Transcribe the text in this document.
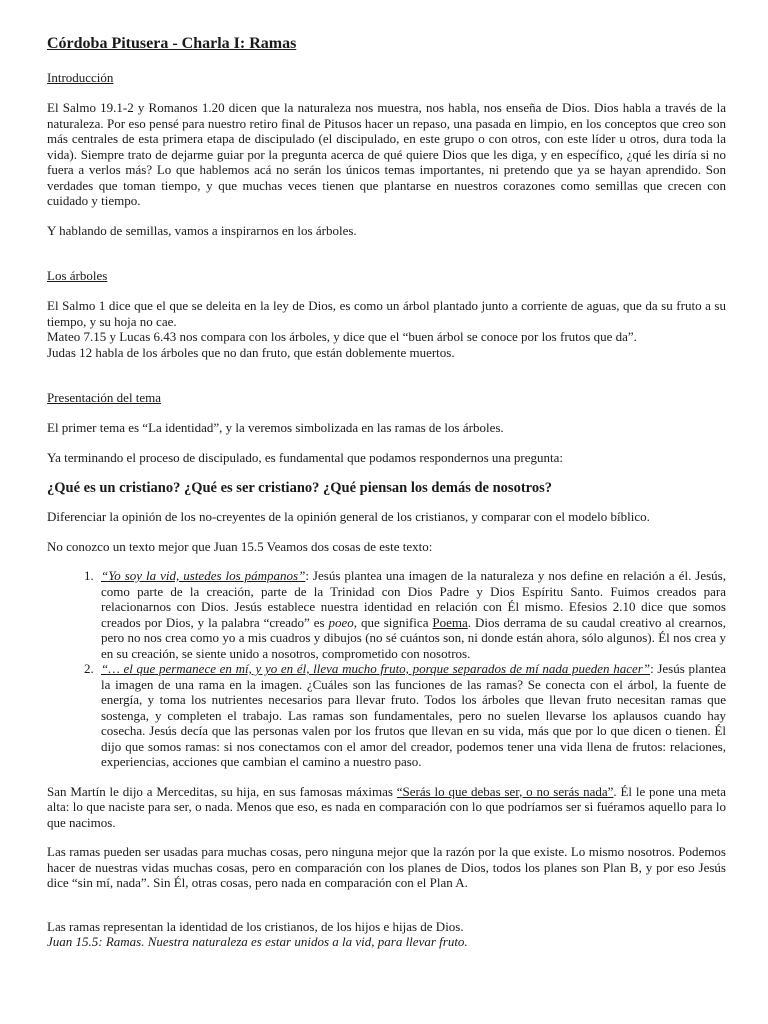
Córdoba Pitusera - Charla I: Ramas
Introducción

El Salmo 19.1-2 y Romanos 1.20 dicen que la naturaleza nos muestra, nos habla, nos enseña de Dios. Dios habla a través de la naturaleza. Por eso pensé para nuestro retiro final de Pitusos hacer un repaso, una pasada en limpio, en los conceptos que creo son más centrales de esta primera etapa de discipulado (el discipulado, en este grupo o con otros, con este líder u otros, dura toda la vida). Siempre trato de dejarme guiar por la pregunta acerca de qué quiere Dios que les diga, y en específico, ¿qué les diría si no fuera a verlos más? Lo que hablemos acá no serán los únicos temas importantes, ni pretendo que ya se hayan aprendido. Son verdades que toman tiempo, y que muchas veces tienen que plantarse en nuestros corazones como semillas que crecen con cuidado y tiempo.

Y hablando de semillas, vamos a inspirarnos en los árboles.

Los árboles

El Salmo 1 dice que el que se deleita en la ley de Dios, es como un árbol plantado junto a corriente de aguas, que da su fruto a su tiempo, y su hoja no cae.

Mateo 7.15 y Lucas 6.43 nos compara con los árboles, y dice que el “buen árbol se conoce por los frutos que da”.

Judas 12 habla de los árboles que no dan fruto, que están doblemente muertos.

Presentación del tema

El primer tema es “La identidad”, y la veremos simbolizada en las ramas de los árboles.

Ya terminando el proceso de discipulado, es fundamental que podamos respondernos una pregunta:

¿Qué es un cristiano? ¿Qué es ser cristiano? ¿Qué piensan los demás de nosotros?

Diferenciar la opinión de los no-creyentes de la opinión general de los cristianos, y comparar con el modelo bíblico.

No conozco un texto mejor que Juan 15.5 Veamos dos cosas de este texto:

1. “Yo soy la vid, ustedes los pámpanos”: Jesús plantea una imagen de la naturaleza y nos define en relación a él. Jesús, como parte de la creación, parte de la Trinidad con Dios Padre y Dios Espíritu Santo. Fuimos creados para relacionarnos con Dios. Jesús establece nuestra identidad en relación con Él mismo. Efesios 2.10 dice que somos creados por Dios, y la palabra “creado” es poeo, que significa Poema. Dios derrama de su caudal creativo al crearnos, pero no nos crea como yo a mis cuadros y dibujos (no sé cuántos son, ni donde están ahora, sólo algunos). Él nos crea y en su creación, se siente unido a nosotros, comprometido con nosotros.
2. “… el que permanece en mí, y yo en él, lleva mucho fruto, porque separados de mí nada pueden hacer”: Jesús plantea la imagen de una rama en la imagen. ¿Cuáles son las funciones de las ramas? Se conecta con el árbol, la fuente de energía, y toma los nutrientes necesarios para llevar fruto. Todos los árboles que llevan fruto necesitan ramas que sostenga, y completen el trabajo. Las ramas son fundamentales, pero no suelen llevarse los aplausos cuando hay cosecha. Jesús decía que las personas valen por los frutos que llevan en su vida, más que por lo que dicen o tienen. Él dijo que somos ramas: si nos conectamos con el amor del creador, podemos tener una vida llena de frutos: relaciones, experiencias, acciones que cambian el camino a nuestro paso.

San Martín le dijo a Merceditas, su hija, en sus famosas máximas “Serás lo que debas ser, o no serás nada”. Él le pone una meta alta: lo que naciste para ser, o nada. Menos que eso, es nada en comparación con lo que podríamos ser si fuéramos aquello para lo que nacimos.

Las ramas pueden ser usadas para muchas cosas, pero ninguna mejor que la razón por la que existe. Lo mismo nosotros. Podemos hacer de nuestras vidas muchas cosas, pero en comparación con los planes de Dios, todos los planes son Plan B, y por eso Jesús dice “sin mí, nada”. Sin Él, otras cosas, pero nada en comparación con el Plan A.

Las ramas representan la identidad de los cristianos, de los hijos e hijas de Dios.

Juan 15.5: Ramas. Nuestra naturaleza es estar unidos a la vid, para llevar fruto.
